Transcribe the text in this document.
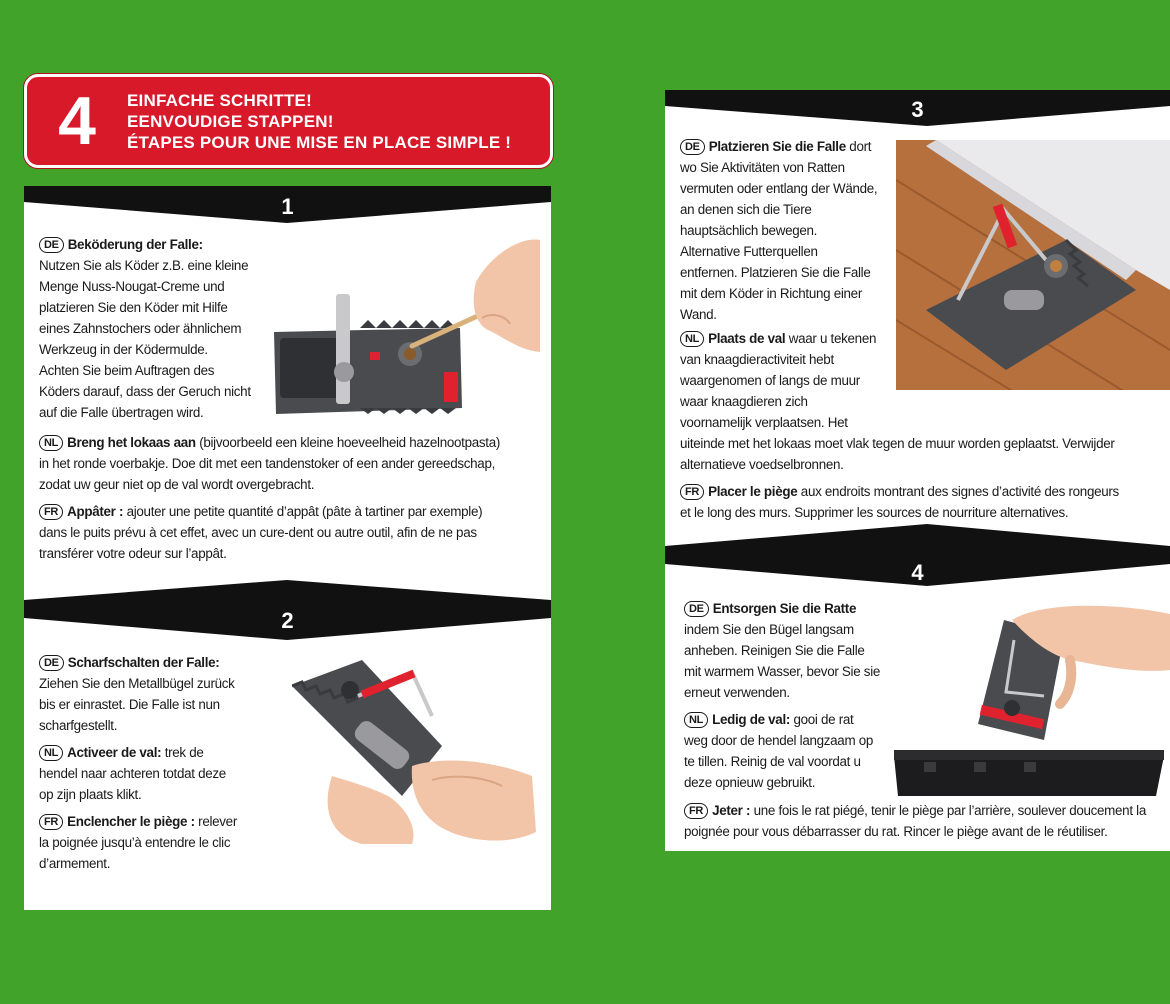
4	EINFACHE SCHRITTE!
EENVOUDIGE STAPPEN!
ÉTAPES POUR UNE MISE EN PLACE SIMPLE !
1
DE Beköderung der Falle:
Nutzen Sie als Köder z.B. eine kleine
Menge Nuss-Nougat-Creme und
platzieren Sie den Köder mit Hilfe
eines Zahnstochers oder ähnlichem
Werkzeug in der Ködermulde.
Achten Sie beim Auftragen des
Köders darauf, dass der Geruch nicht
auf die Falle übertragen wird.
NL Breng het lokaas aan (bijvoorbeeld een kleine hoeveelheid hazelnootpasta)
in het ronde voerbakje. Doe dit met een tandenstoker of een ander gereedschap,
zodat uw geur niet op de val wordt overgebracht.
FR Appâter : ajouter une petite quantité d’appât (pâte à tartiner par exemple)
dans le puits prévu à cet effet, avec un cure-dent ou autre outil, afin de ne pas
transférer votre odeur sur l’appât.
2
DE Scharfschalten der Falle:
Ziehen Sie den Metallbügel zurück
bis er einrastet. Die Falle ist nun
scharfgestellt.
NL Activeer de val: trek de
hendel naar achteren totdat deze
op zijn plaats klikt.
FR Enclencher le piège : relever
la poignée jusqu’à entendre le clic
d’armement.
3
DE Platzieren Sie die Falle dort
wo Sie Aktivitäten von Ratten
vermuten oder entlang der Wände,
an denen sich die Tiere
hauptsächlich bewegen.
Alternative Futterquellen
entfernen. Platzieren Sie die Falle
mit dem Köder in Richtung einer
Wand.
NL Plaats de val waar u tekenen
van knaagdieractiviteit hebt
waargenomen of langs de muur
waar knaagdieren zich
voornamelijk verplaatsen. Het
uiteinde met het lokaas moet vlak tegen de muur worden geplaatst. Verwijder
alternatieve voedselbronnen.
FR Placer le piège aux endroits montrant des signes d’activité des rongeurs
et le long des murs. Supprimer les sources de nourriture alternatives.
4
DE Entsorgen Sie die Ratte
indem Sie den Bügel langsam
anheben. Reinigen Sie die Falle
mit warmem Wasser, bevor Sie sie
erneut verwenden.
NL Ledig de val: gooi de rat
weg door de hendel langzaam op
te tillen. Reinig de val voordat u
deze opnieuw gebruikt.
FR Jeter : une fois le rat piégé, tenir le piège par l’arrière, soulever doucement la
poignée pour vous débarrasser du rat. Rincer le piège avant de le réutiliser.
